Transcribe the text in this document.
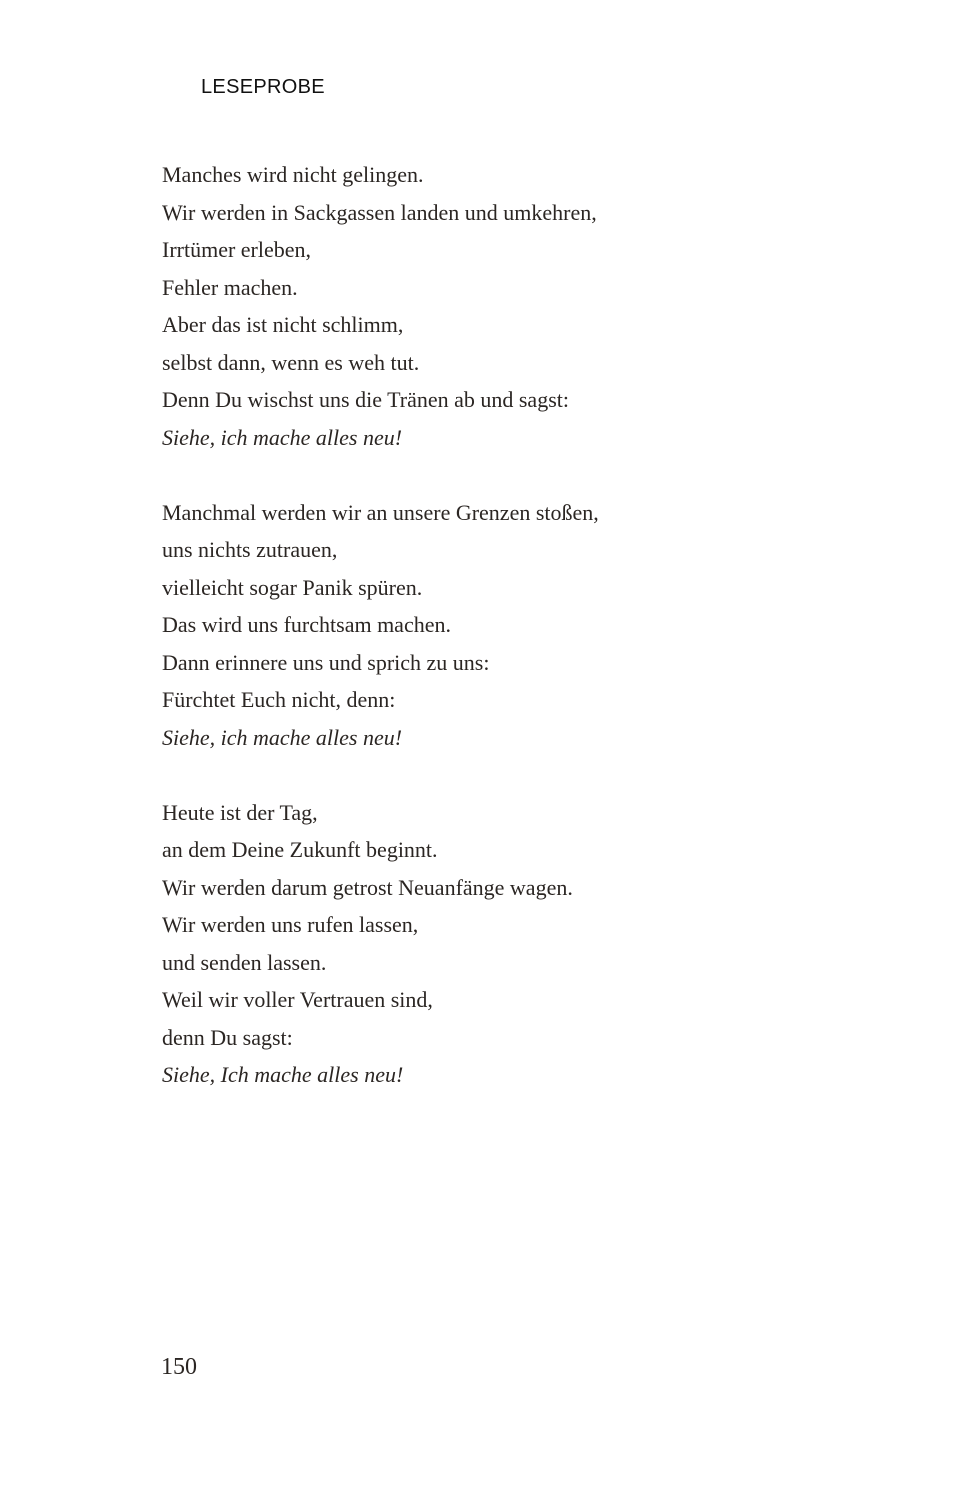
LESEPROBE
Manches wird nicht gelingen.
Wir werden in Sackgassen landen und umkehren,
Irrtümer erleben,
Fehler machen.
Aber das ist nicht schlimm,
selbst dann, wenn es weh tut.
Denn Du wischst uns die Tränen ab und sagst:
Siehe, ich mache alles neu!
Manchmal werden wir an unsere Grenzen stoßen,
uns nichts zutrauen,
vielleicht sogar Panik spüren.
Das wird uns furchtsam machen.
Dann erinnere uns und sprich zu uns:
Fürchtet Euch nicht, denn:
Siehe, ich mache alles neu!
Heute ist der Tag,
an dem Deine Zukunft beginnt.
Wir werden darum getrost Neuanfänge wagen.
Wir werden uns rufen lassen,
und senden lassen.
Weil wir voller Vertrauen sind,
denn Du sagst:
Siehe, Ich mache alles neu!
150
